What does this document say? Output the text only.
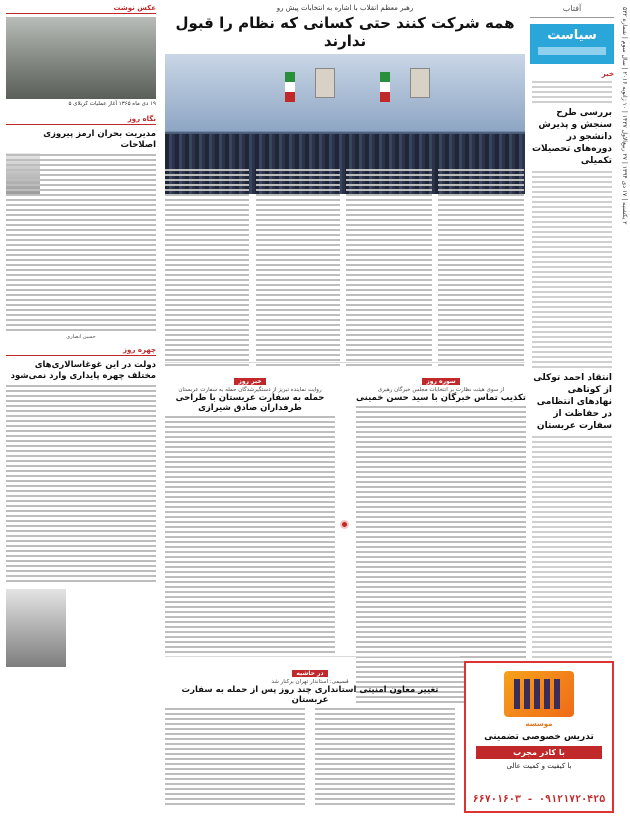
۲ یکشنبه | ۱۷ دی ۱۳۹۴ | ۲۷ ربیع‌الاول ۱۴۳۷ | ۱۰ ژانویه ۲۰۱۶ | سال سوم | شماره ۵۳۲
آفتاب
سیاست
خبر
بررسی طرح سنجش و پذیرش دانشجو در دوره‌های تحصیلات تکمیلی
انتقاد احمد توکلی از کوتاهی نهادهای انتظامی در حفاظت از سفارت عربستان
رهبر معظم انقلاب با اشاره به انتخابات پیش رو
همه شرکت کنند حتی کسانی که نظام را قبول ندارند
خبر روز
روایت نماینده تبریز از دستگیرشدگان حمله به سفارت عربستان
حمله به سفارت عربستان با طراحی طرفداران صادق شیرازی
سوره روز
از سوی هیئت نظارت بر انتخابات مجلس خبرگان رهبری
تکذیب تماس خبرگان با سید حسن خمینی
در حاشیه
قسیمی: استاندار تهران برکنار شد
تغییر معاون امنیتی استانداری چند روز پس از حمله به سفارت عربستان
عکس نوشت
۱۹ دی ماه ۱۳۶۵ آغاز عملیات کربلای ۵
نگاه روز
مدیریت بحران ارمز پیروزی اصلاحات
حسین انصاری
چهره روز
دولت در این غوغاسالاری‌های مختلف چهره پایداری وارد نمی‌شود
موسسه
تدریس خصوصی تضمینی
با کادر مجرب
با کیفیت و کمیت عالی
۰۹۱۲۱۷۲۰۴۲۵ - ۶۶۷۰۱۶۰۳
